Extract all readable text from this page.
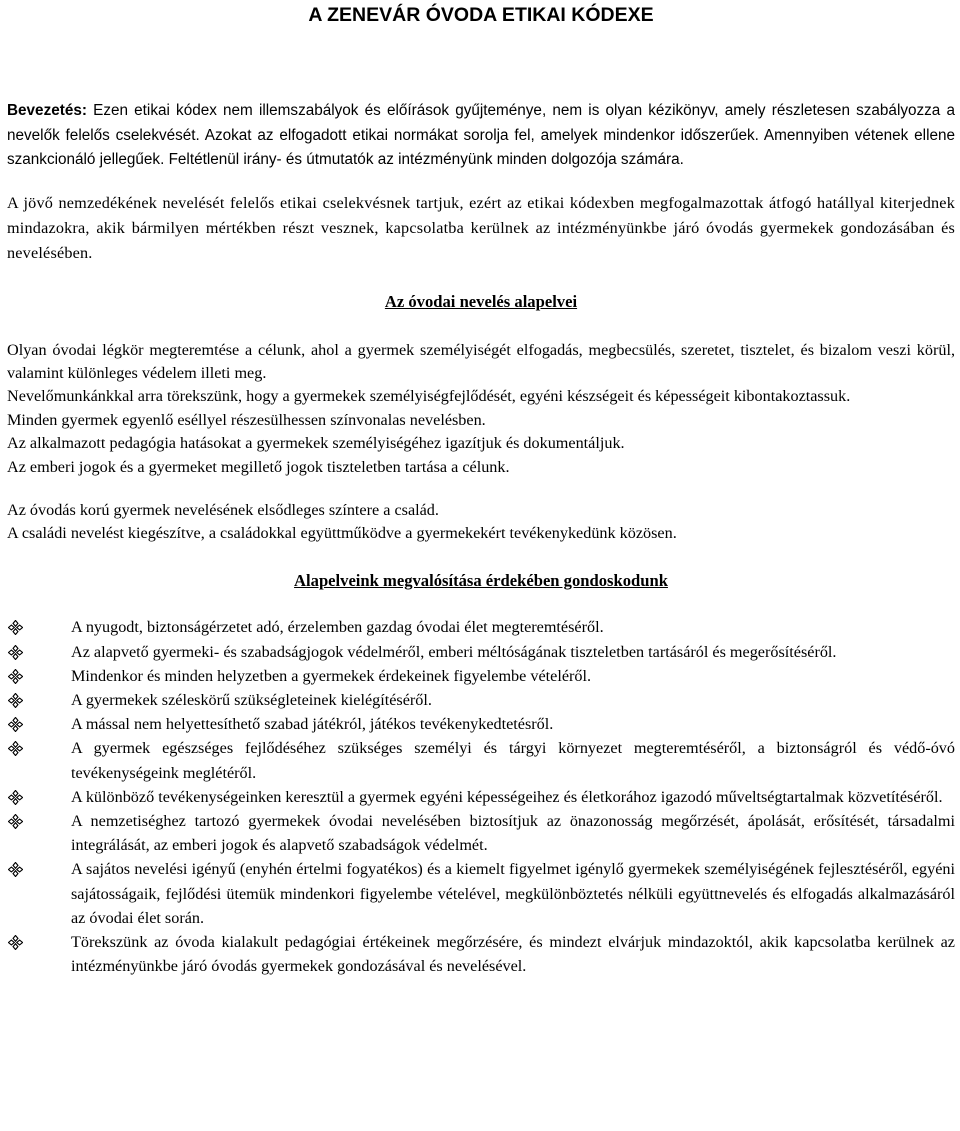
A ZENEVÁR ÓVODA ETIKAI KÓDEXE

Bevezetés: Ezen etikai kódex nem illemszabályok és előírások gyűjteménye, nem is olyan kézikönyv, amely részletesen szabályozza a nevelők felelős cselekvését. Azokat az elfogadott etikai normákat sorolja fel, amelyek mindenkor időszerűek. Amennyiben vétenek ellene szankcionáló jellegűek. Feltétlenül irány- és útmutatók az intézményünk minden dolgozója számára.

A jövő nemzedékének nevelését felelős etikai cselekvésnek tartjuk, ezért az etikai kódexben megfogalmazottak átfogó hatállyal kiterjednek mindazokra, akik bármilyen mértékben részt vesznek, kapcsolatba kerülnek az intézményünkbe járó óvodás gyermekek gondozásában és nevelésében.

Az óvodai nevelés alapelvei

Olyan óvodai légkör megteremtése a célunk, ahol a gyermek személyiségét elfogadás, megbecsülés, szeretet, tisztelet, és bizalom veszi körül, valamint különleges védelem illeti meg.

Nevelőmunkánkkal arra törekszünk, hogy a gyermekek személyiségfejlődését, egyéni készségeit és képességeit kibontakoztassuk.

Minden gyermek egyenlő eséllyel részesülhessen színvonalas nevelésben.

Az alkalmazott pedagógia hatásokat a gyermekek személyiségéhez igazítjuk és dokumentáljuk.

Az emberi jogok és a gyermeket megillető jogok tiszteletben tartása a célunk.

Az óvodás korú gyermek nevelésének elsődleges színtere a család.

A családi nevelést kiegészítve, a családokkal együttműködve a gyermekekért tevékenykedünk közösen.

Alapelveink megvalósítása érdekében gondoskodunk

A nyugodt, biztonságérzetet adó, érzelemben gazdag óvodai élet megteremtéséről.
Az alapvető gyermeki- és szabadságjogok védelméről, emberi méltóságának tiszteletben tartásáról és megerősítéséről.
Mindenkor és minden helyzetben a gyermekek érdekeinek figyelembe vételéről.
A gyermekek széleskörű szükségleteinek kielégítéséről.
A mással nem helyettesíthető szabad játékról, játékos tevékenykedtetésről.
A gyermek egészséges fejlődéséhez szükséges személyi és tárgyi környezet megteremtéséről, a biztonságról és védő-óvó tevékenységeink meglétéről.
A különböző tevékenységeinken keresztül a gyermek egyéni képességeihez és életkorához igazodó műveltségtartalmak közvetítéséről.
A nemzetiséghez tartozó gyermekek óvodai nevelésében biztosítjuk az önazonosság megőrzését, ápolását, erősítését, társadalmi integrálását, az emberi jogok és alapvető szabadságok védelmét.
A sajátos nevelési igényű (enyhén értelmi fogyatékos) és a kiemelt figyelmet igénylő gyermekek személyiségének fejlesztéséről, egyéni sajátosságaik, fejlődési ütemük mindenkori figyelembe vételével, megkülönböztetés nélküli együttnevelés és elfogadás alkalmazásáról az óvodai élet során.
Törekszünk az óvoda kialakult pedagógiai értékeinek megőrzésére, és mindezt elvárjuk mindazoktól, akik kapcsolatba kerülnek az intézményünkbe járó óvodás gyermekek gondozásával és nevelésével.
